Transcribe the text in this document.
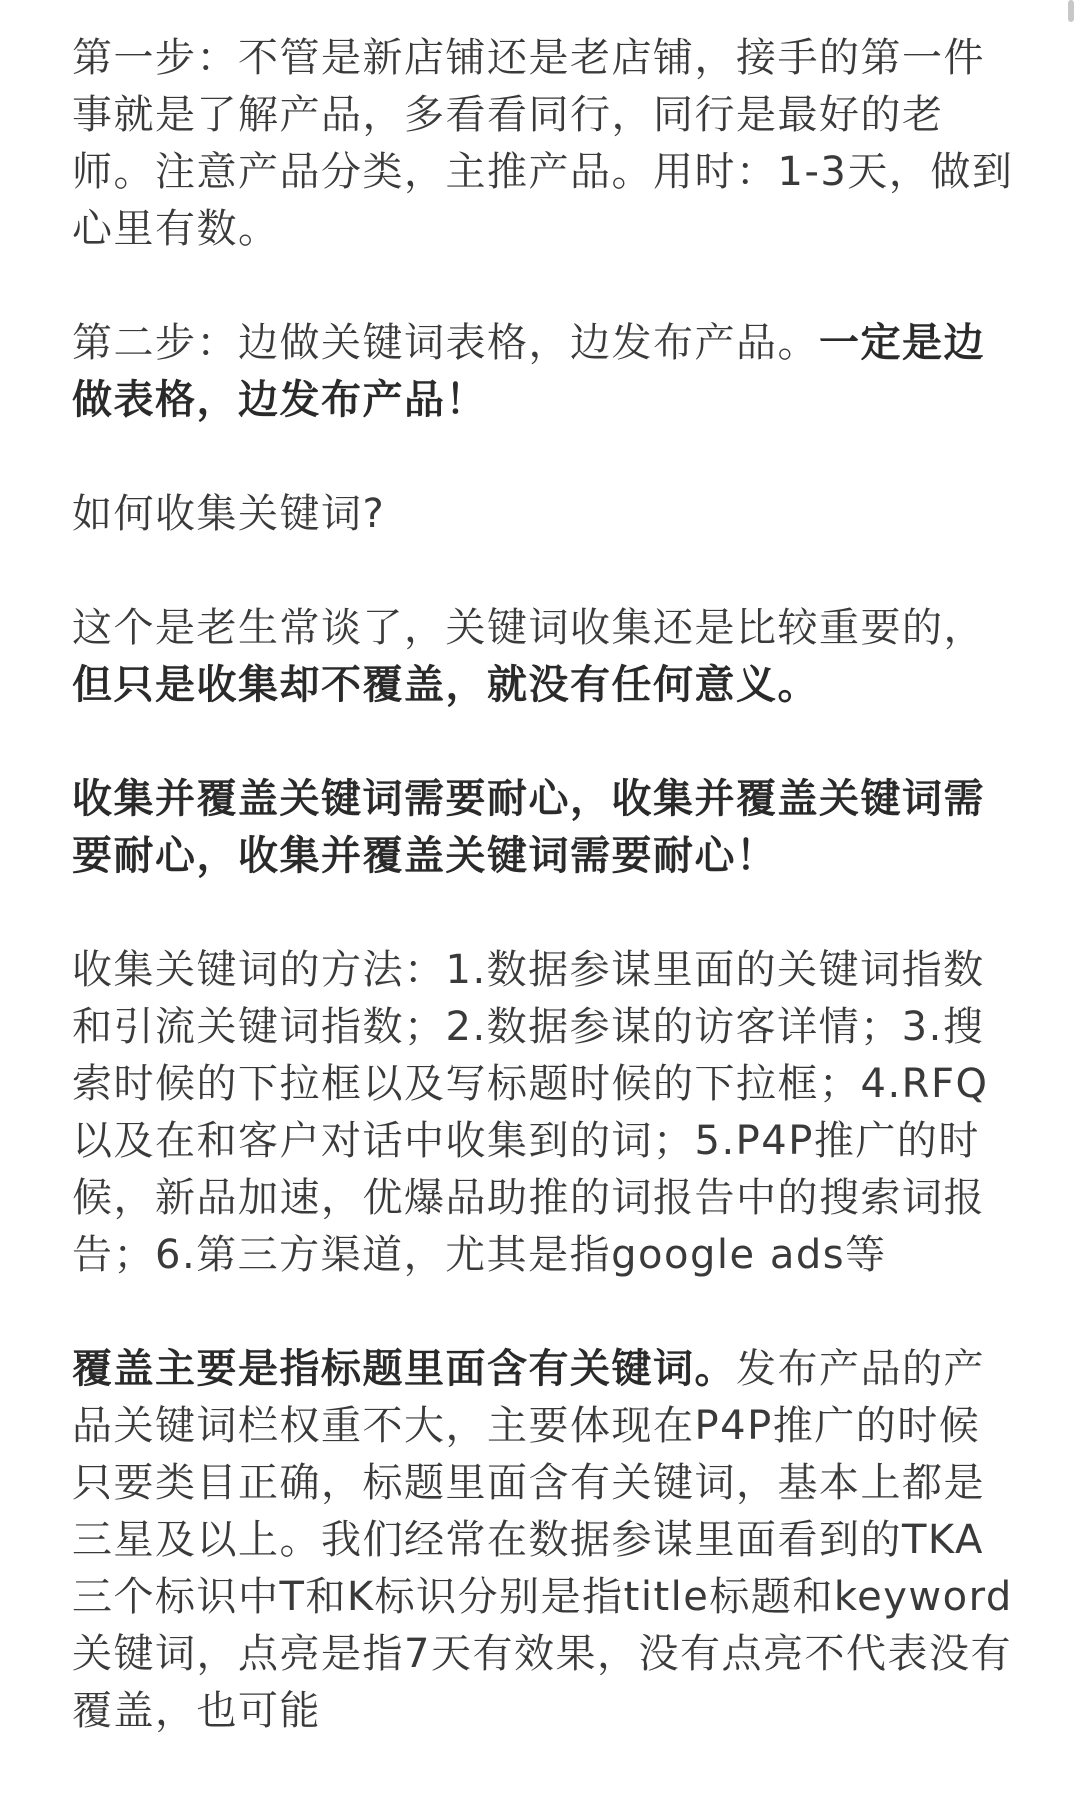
第一步：不管是新店铺还是老店铺，接手的第一件事就是了解产品，多看看同行，同行是最好的老师。注意产品分类，主推产品。用时：1-3天，做到心里有数。

第二步：边做关键词表格，边发布产品。一定是边做表格，边发布产品！

如何收集关键词?

这个是老生常谈了，关键词收集还是比较重要的，但只是收集却不覆盖，就没有任何意义。

收集并覆盖关键词需要耐心，收集并覆盖关键词需要耐心，收集并覆盖关键词需要耐心！

收集关键词的方法：1.数据参谋里面的关键词指数和引流关键词指数；2.数据参谋的访客详情；3.搜索时候的下拉框以及写标题时候的下拉框；4.RFQ以及在和客户对话中收集到的词；5.P4P推广的时候，新品加速，优爆品助推的词报告中的搜索词报告；6.第三方渠道，尤其是指google ads等

覆盖主要是指标题里面含有关键词。发布产品的产品关键词栏权重不大，主要体现在P4P推广的时候只要类目正确，标题里面含有关键词，基本上都是三星及以上。我们经常在数据参谋里面看到的TKA三个标识中T和K标识分别是指title标题和keyword关键词，点亮是指7天有效果，没有点亮不代表没有覆盖，也可能
